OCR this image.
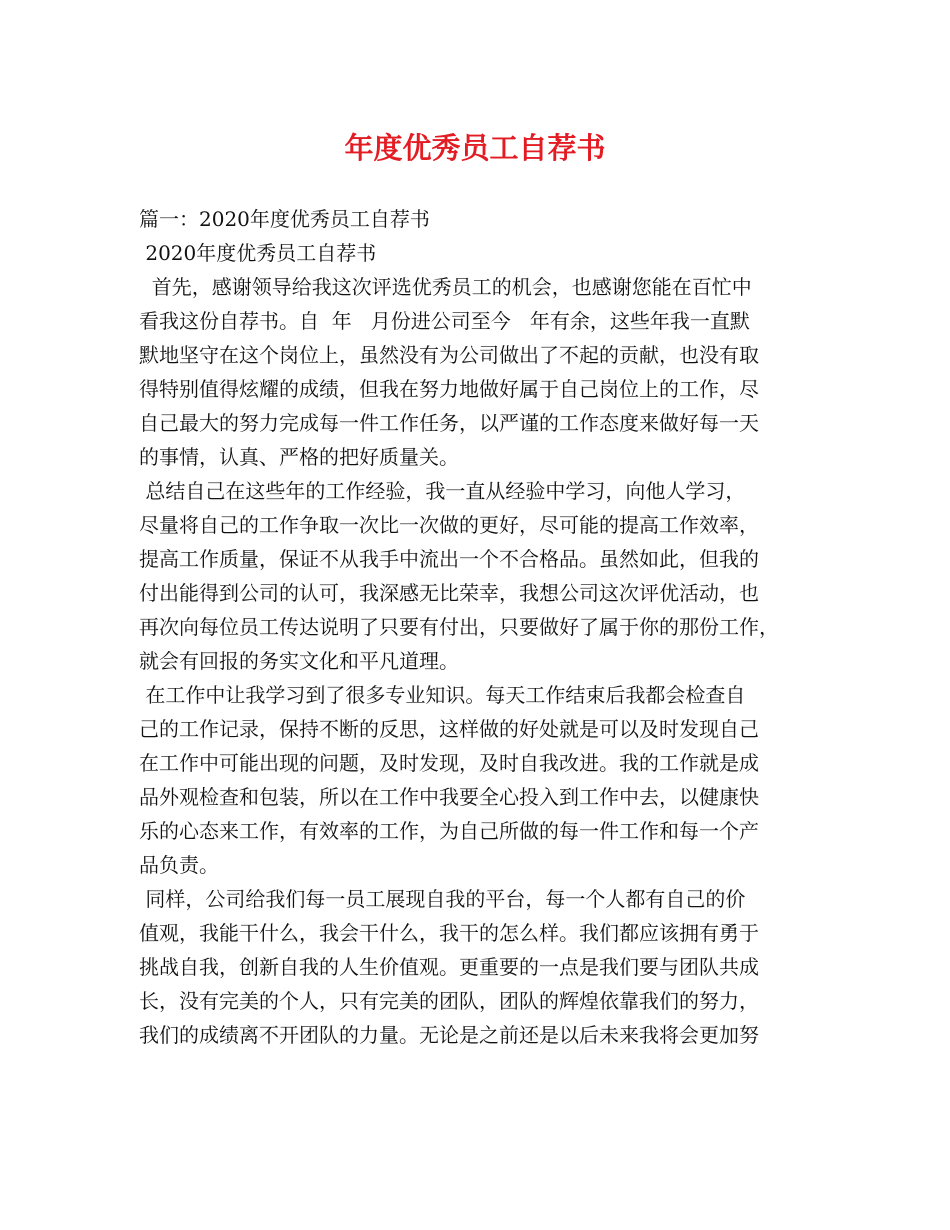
年度优秀员工自荐书
篇一：2020年度优秀员工自荐书
2020年度优秀员工自荐书
首先，感谢领导给我这次评选优秀员工的机会，也感谢您能在百忙中
看我这份自荐书。自  年   月份进公司至今   年有余，这些年我一直默
默地坚守在这个岗位上，虽然没有为公司做出了不起的贡献，也没有取
得特别值得炫耀的成绩，但我在努力地做好属于自己岗位上的工作，尽
自己最大的努力完成每一件工作任务，以严谨的工作态度来做好每一天
的事情，认真、严格的把好质量关。
总结自己在这些年的工作经验，我一直从经验中学习，向他人学习，
尽量将自己的工作争取一次比一次做的更好，尽可能的提高工作效率，
提高工作质量，保证不从我手中流出一个不合格品。虽然如此，但我的
付出能得到公司的认可，我深感无比荣幸，我想公司这次评优活动，也
再次向每位员工传达说明了只要有付出，只要做好了属于你的那份工作，
就会有回报的务实文化和平凡道理。
在工作中让我学习到了很多专业知识。每天工作结束后我都会检查自
己的工作记录，保持不断的反思，这样做的好处就是可以及时发现自己
在工作中可能出现的问题，及时发现，及时自我改进。我的工作就是成
品外观检查和包装，所以在工作中我要全心投入到工作中去，以健康快
乐的心态来工作，有效率的工作，为自己所做的每一件工作和每一个产
品负责。
同样，公司给我们每一员工展现自我的平台，每一个人都有自己的价
值观，我能干什么，我会干什么，我干的怎么样。我们都应该拥有勇于
挑战自我，创新自我的人生价值观。更重要的一点是我们要与团队共成
长，没有完美的个人，只有完美的团队，团队的辉煌依靠我们的努力，
我们的成绩离不开团队的力量。无论是之前还是以后未来我将会更加努
